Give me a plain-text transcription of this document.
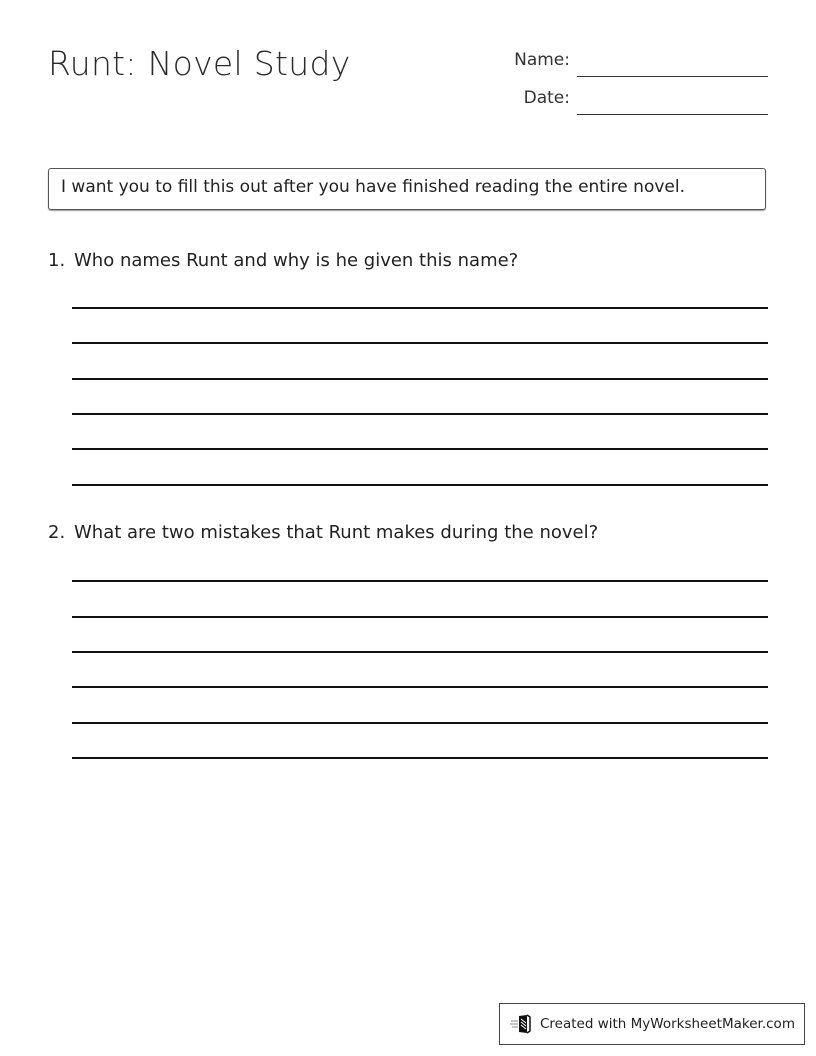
Runt: Novel Study	Name:
Date:
I want you to fill this out after you have finished reading the entire novel.
1. Who names Runt and why is he given this name?
2. What are two mistakes that Runt makes during the novel?
Created with MyWorksheetMaker.com
